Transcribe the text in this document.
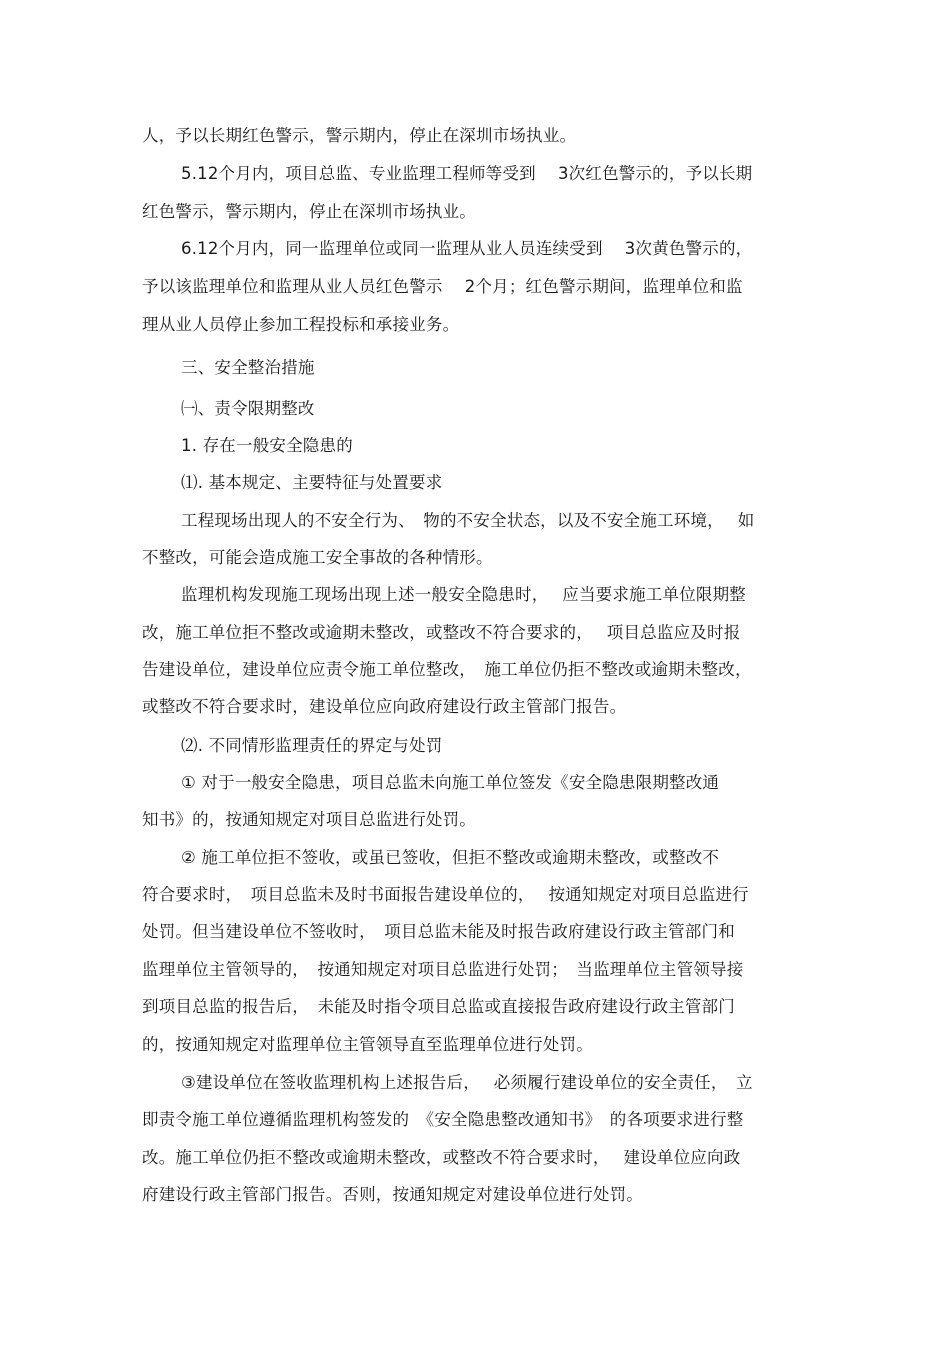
人，予以长期红色警示，警示期内，停止在深圳市场执业。
5.12个月内，项目总监、专业监理工程师等受到　 3次红色警示的，予以长期
红色警示，警示期内，停止在深圳市场执业。
6.12个月内，同一监理单位或同一监理从业人员连续受到　 3次黄色警示的，
予以该监理单位和监理从业人员红色警示　 2个月；红色警示期间，监理单位和监
理从业人员停止参加工程投标和承接业务。
三、安全整治措施
㈠、责令限期整改
1. 存在一般安全隐患的
⑴. 基本规定、主要特征与处置要求
工程现场出现人的不安全行为、　物的不安全状态，以及不安全施工环境，　 如
不整改，可能会造成施工安全事故的各种情形。
监理机构发现施工现场出现上述一般安全隐患时，　 应当要求施工单位限期整
改，施工单位拒不整改或逾期未整改，或整改不符合要求的，　 项目总监应及时报
告建设单位，建设单位应责令施工单位整改，　施工单位仍拒不整改或逾期未整改，
或整改不符合要求时，建设单位应向政府建设行政主管部门报告。
⑵. 不同情形监理责任的界定与处罚
① 对于一般安全隐患，项目总监未向施工单位签发《安全隐患限期整改通
知书》的，按通知规定对项目总监进行处罚。
② 施工单位拒不签收，或虽已签收，但拒不整改或逾期未整改，或整改不
符合要求时，　项目总监未及时书面报告建设单位的，　 按通知规定对项目总监进行
处罚。但当建设单位不签收时，　项目总监未能及时报告政府建设行政主管部门和
监理单位主管领导的，　按通知规定对项目总监进行处罚；　当监理单位主管领导接
到项目总监的报告后，　未能及时指令项目总监或直接报告政府建设行政主管部门
的，按通知规定对监理单位主管领导直至监理单位进行处罚。
③建设单位在签收监理机构上述报告后，　 必须履行建设单位的安全责任，　立
即责令施工单位遵循监理机构签发的　《安全隐患整改通知书》　的各项要求进行整
改。施工单位仍拒不整改或逾期未整改，或整改不符合要求时，　 建设单位应向政
府建设行政主管部门报告。否则，按通知规定对建设单位进行处罚。
